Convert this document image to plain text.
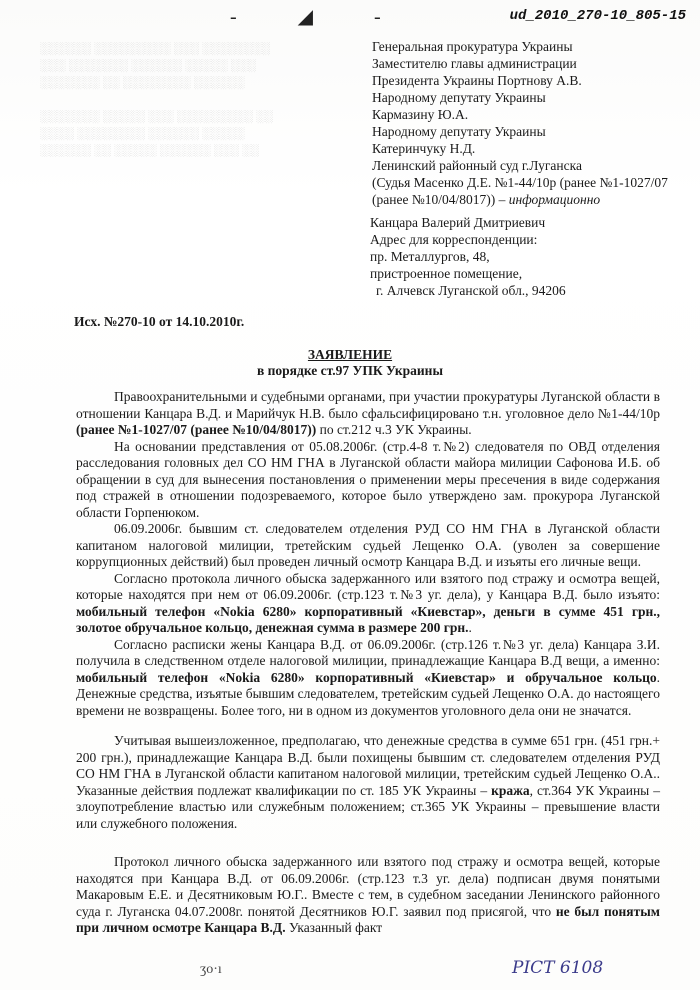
░░░░░░ ░░░░░░░░░ ░░░ ░░░░░░░░
░░░ ░░░░░░░ ░░░░░░ ░░░░░ ░░░
░░░░░░░ ░░ ░░░░░░░░ ░░░░░░

░░░░░░░ ░░░░░ ░░░ ░░░░░░░░░ ░░
░░░░ ░░░░░░░░ ░░░░░░ ░░░░░
░░░░░░ ░░ ░░░░░ ░░░░░░ ░░░ ░░
- ◢ -	ud_2010_270-10_805-15
Генеральная прокуратура Украины
Заместителю главы администрации
Президента Украины Портнову А.В.
Народному депутату Украины
Кармазину Ю.А.
Народному депутату Украины
Катеринчуку Н.Д.
Ленинский районный суд г.Луганска
(Судья Масенко Д.Е. №1-44/10р (ранее №1-1027/07 (ранее №10/04/8017)) – информационно
Канцара Валерий Дмитриевич
Адрес для корреспонденции:
пр. Металлургов, 48,
пристроенное помещение,
г. Алчевск Луганской обл., 94206
Исх. №270-10 от 14.10.2010г.
ЗАЯВЛЕНИЕ
в порядке ст.97 УПК Украины

Правоохранительными и судебными органами, при участии прокуратуры Луганской области в отношении Канцара В.Д. и Марийчук Н.В. было сфальсифицировано т.н. уголовное дело №1-44/10р (ранее №1-1027/07 (ранее №10/04/8017)) по ст.212 ч.3 УК Украины.

На основании представления от 05.08.2006г. (стр.4-8 т.№2) следователя по ОВД отделения расследования головных дел СО НМ ГНА в Луганской области майора милиции Сафонова И.Б. об обращении в суд для вынесения постановления о применении меры пресечения в виде содержания под стражей в отношении подозреваемого, которое было утверждено зам. прокурора Луганской области Горпенюком.

06.09.2006г. бывшим ст. следователем отделения РУД СО НМ ГНА в Луганской области капитаном налоговой милиции, третейским судьей Лещенко О.А. (уволен за совершение коррупционных действий) был проведен личный осмотр Канцара В.Д. и изъяты его личные вещи.

Согласно протокола личного обыска задержанного или взятого под стражу и осмотра вещей, которые находятся при нем от 06.09.2006г. (стр.123 т.№3 уг. дела), у Канцара В.Д. было изъято: мобильный телефон «Nokia 6280» корпоративный «Киевстар», деньги в сумме 451 грн., золотое обручальное кольцо, денежная сумма в размере 200 грн..

Согласно расписки жены Канцара В.Д. от 06.09.2006г. (стр.126 т.№3 уг. дела) Канцара З.И. получила в следственном отделе налоговой милиции, принадлежащие Канцара В.Д вещи, а именно: мобильный телефон «Nokia 6280» корпоративный «Киевстар» и обручальное кольцо. Денежные средства, изъятые бывшим следователем, третейским судьей Лещенко О.А. до настоящего времени не возвращены. Более того, ни в одном из документов уголовного дела они не значатся.

Учитывая вышеизложенное, предполагаю, что денежные средства в сумме 651 грн. (451 грн.+ 200 грн.), принадлежащие Канцара В.Д. были похищены бывшим ст. следователем отделения РУД СО НМ ГНА в Луганской области капитаном налоговой милиции, третейским судьей Лещенко О.А.. Указанные действия подлежат квалификации по ст. 185 УК Украины – кража, ст.364 УК Украины – злоупотребление властью или служебным положением; ст.365 УК Украины – превышение власти или служебного положения.

Протокол личного обыска задержанного или взятого под стражу и осмотра вещей, которые находятся при Канцара В.Д. от 06.09.2006г. (стр.123 т.3 уг. дела) подписан двумя понятыми Макаровым Е.Е. и Десятниковым Ю.Г.. Вместе с тем, в судебном заседании Ленинского районного суда г. Луганска 04.07.2008г. понятой Десятников Ю.Г. заявил под присягой, что не был понятым при личном осмотре Канцара В.Д. Указанный факт

ʒo·ı	РІСТ 6108
